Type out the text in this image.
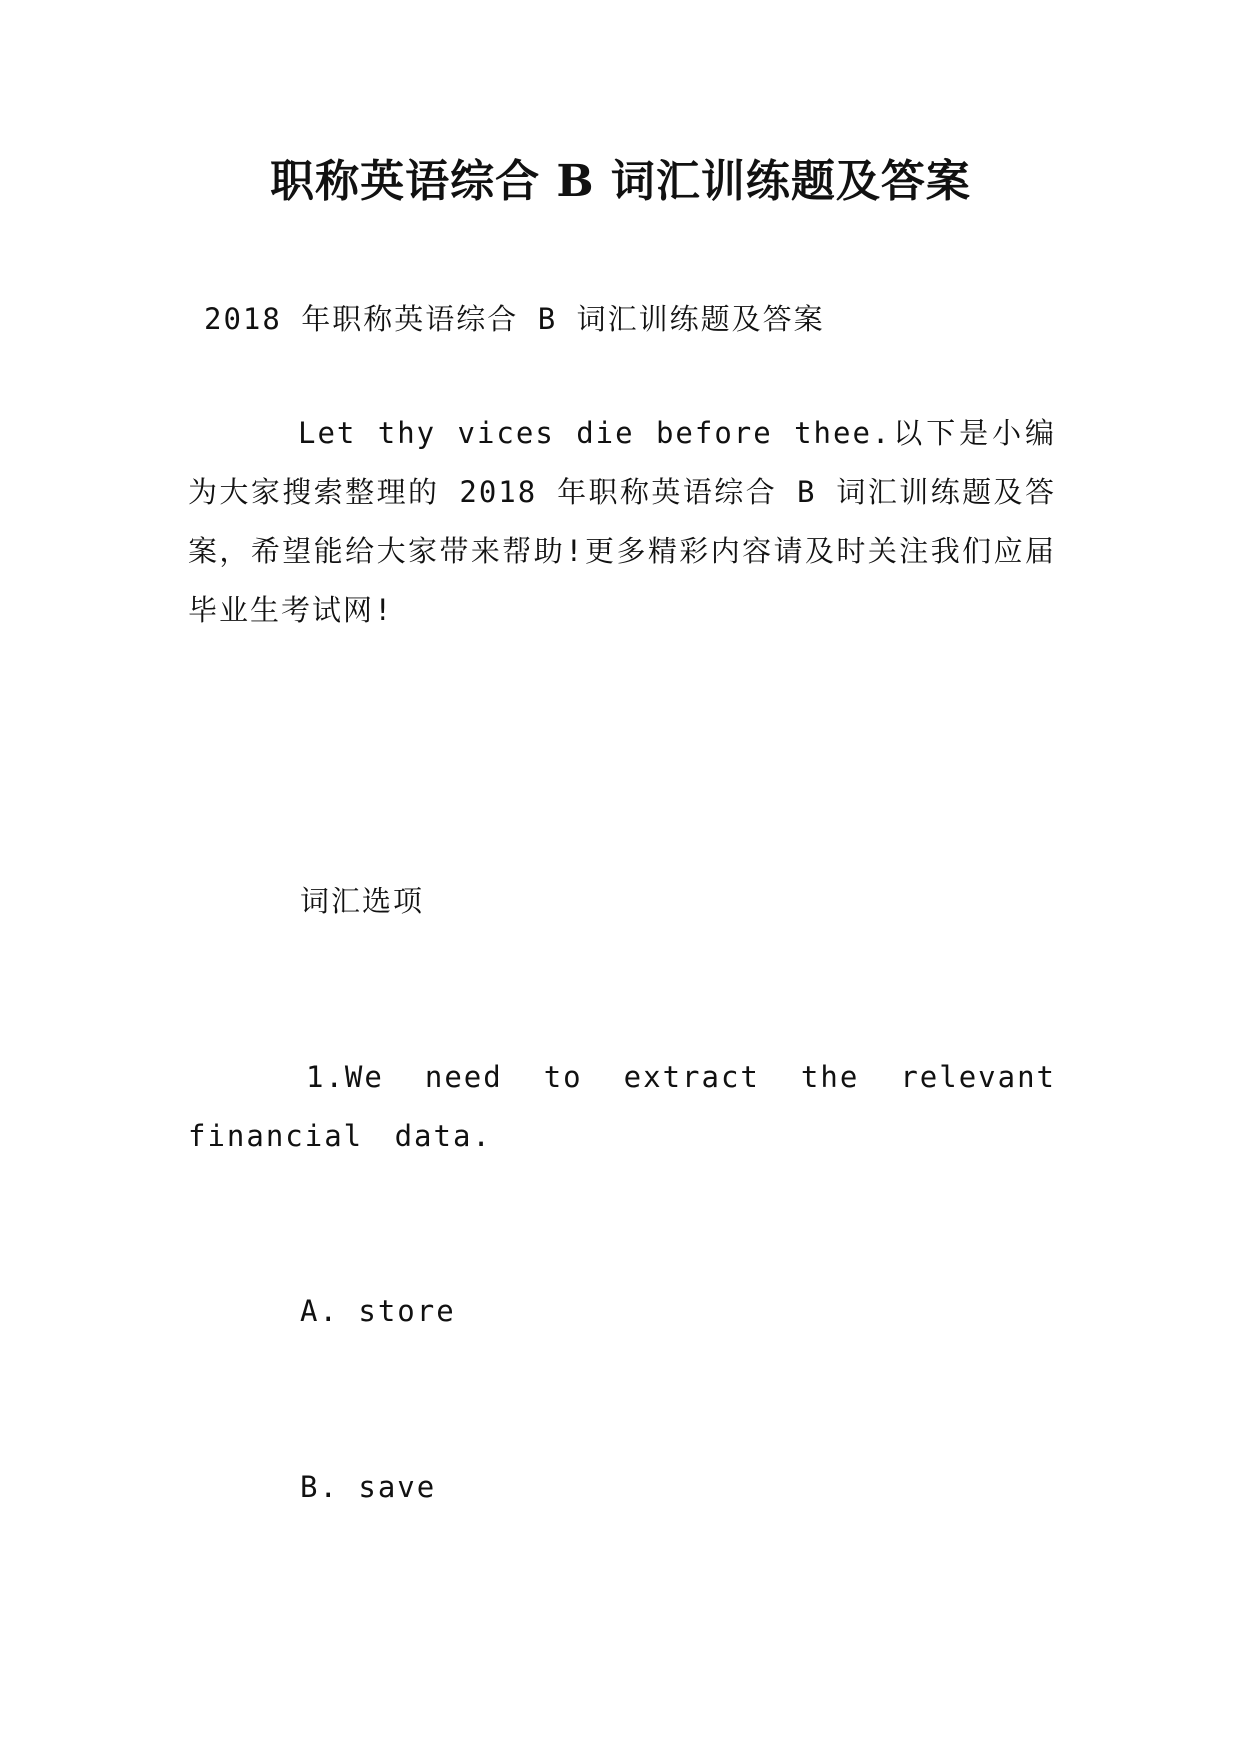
职称英语综合 B 词汇训练题及答案
2018 年职称英语综合 B 词汇训练题及答案
Let thy vices die before thee.以下是小编为大家搜索整理的 2018 年职称英语综合 B 词汇训练题及答案，希望能给大家带来帮助!更多精彩内容请及时关注我们应届毕业生考试网!
词汇选项
1.We need to extract the relevant financial data.
A. store
B. save
